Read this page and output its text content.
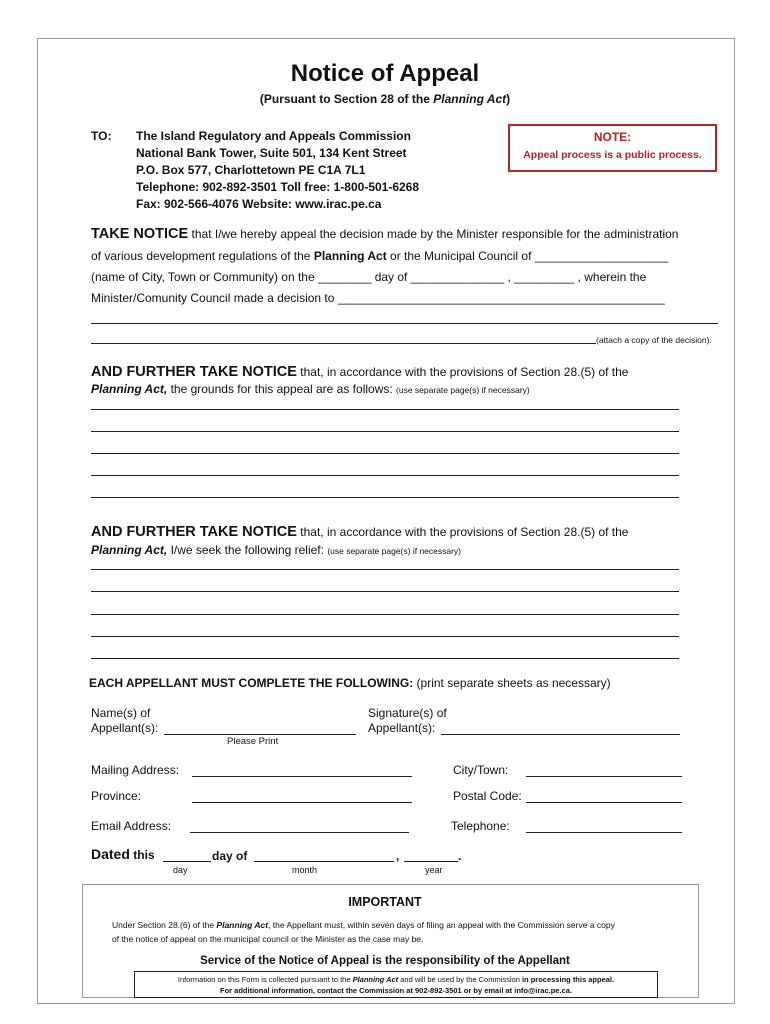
Notice of Appeal
(Pursuant to Section 28 of the Planning Act)
TO: The Island Regulatory and Appeals Commission
National Bank Tower, Suite 501, 134 Kent Street
P.O. Box 577, Charlottetown PE C1A 7L1
Telephone: 902-892-3501 Toll free: 1-800-501-6268
Fax: 902-566-4076 Website: www.irac.pe.ca
NOTE:
Appeal process is a public process.
TAKE NOTICE that I/we hereby appeal the decision made by the Minister responsible for the administration
of various development regulations of the Planning Act or the Municipal Council of ____________________
(name of City, Town or Community) on the ________ day of ______________ , _________ , wherein the
Minister/Comunity Council made a decision to _________________________________________________
(attach a copy of the decision).
AND FURTHER TAKE NOTICE that, in accordance with the provisions of Section 28.(5) of the
Planning Act, the grounds for this appeal are as follows: (use separate page(s) if necessary)
AND FURTHER TAKE NOTICE that, in accordance with the provisions of Section 28.(5) of the
Planning Act, I/we seek the following relief: (use separate page(s) if necessary)
EACH APPELLANT MUST COMPLETE THE FOLLOWING: (print separate sheets as necessary)
Name(s) of
Appellant(s):
Please Print
Signature(s) of
Appellant(s):
Mailing Address:	City/Town:
Province:	Postal Code:
Email Address:	Telephone:
Dated this	day of	,	.
day	month	year
IMPORTANT
Under Section 28.(6) of the Planning Act, the Appellant must, within seven days of filing an appeal with the Commission serve a copy
of the notice of appeal on the municipal council or the Minister as the case may be.
Service of the Notice of Appeal is the responsibility of the Appellant
Information on this Form is collected pursuant to the Planning Act and will be used by the Commission in processing this appeal.
For additional information, contact the Commission at 902-892-3501 or by email at info@irac.pe.ca.
